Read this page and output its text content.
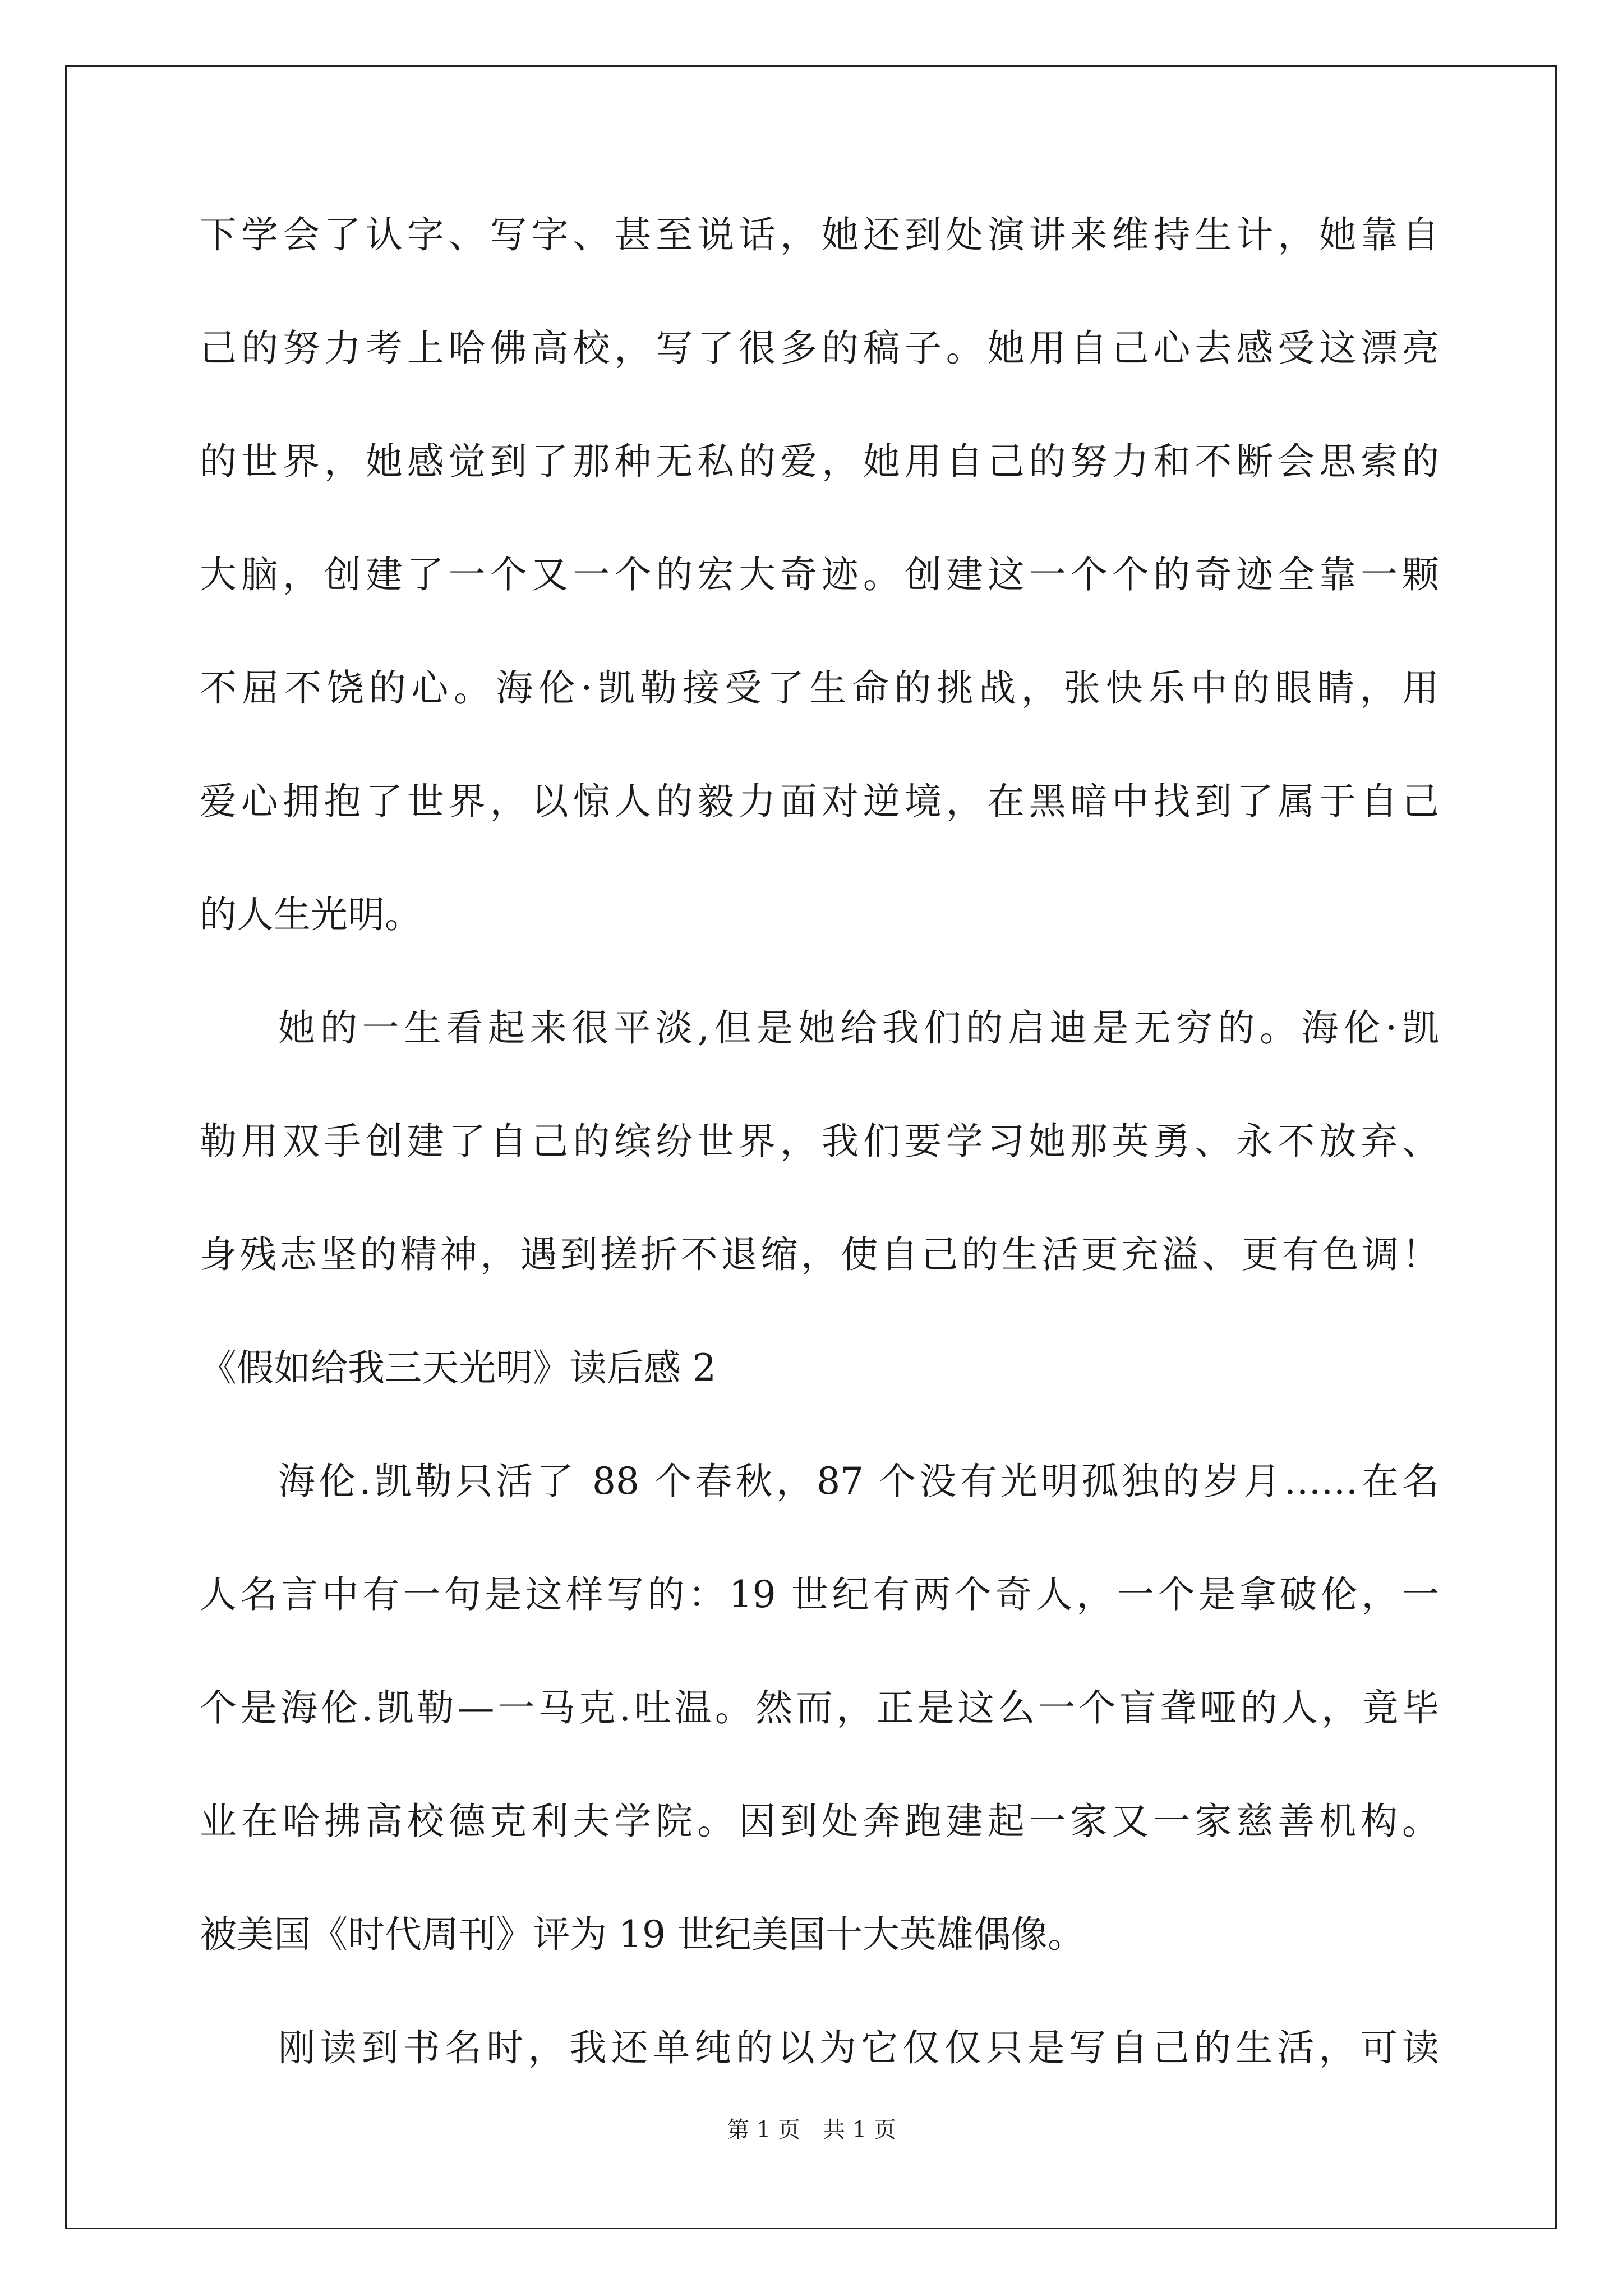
下学会了认字、写字、甚至说话，她还到处演讲来维持生计，她靠自
己的努力考上哈佛高校，写了很多的稿子。她用自己心去感受这漂亮
的世界，她感觉到了那种无私的爱，她用自己的努力和不断会思索的
大脑，创建了一个又一个的宏大奇迹。创建这一个个的奇迹全靠一颗
不屈不饶的心。海伦·凯勒接受了生命的挑战，张快乐中的眼睛，用
爱心拥抱了世界，以惊人的毅力面对逆境，在黑暗中找到了属于自己
的人生光明。
她的一生看起来很平淡,但是她给我们的启迪是无穷的。海伦·凯
勒用双手创建了自己的缤纷世界，我们要学习她那英勇、永不放弃、
身残志坚的精神，遇到搓折不退缩，使自己的生活更充溢、更有色调！
《假如给我三天光明》读后感 2
海伦.凯勒只活了 88 个春秋，87 个没有光明孤独的岁月……在名
人名言中有一句是这样写的：19 世纪有两个奇人，一个是拿破伦，一
个是海伦.凯勒—一马克.吐温。然而，正是这么一个盲聋哑的人，竟毕
业在哈拂高校德克利夫学院。因到处奔跑建起一家又一家慈善机构。
被美国《时代周刊》评为 19 世纪美国十大英雄偶像。
刚读到书名时，我还单纯的以为它仅仅只是写自己的生活，可读
第 1 页　共 1 页
